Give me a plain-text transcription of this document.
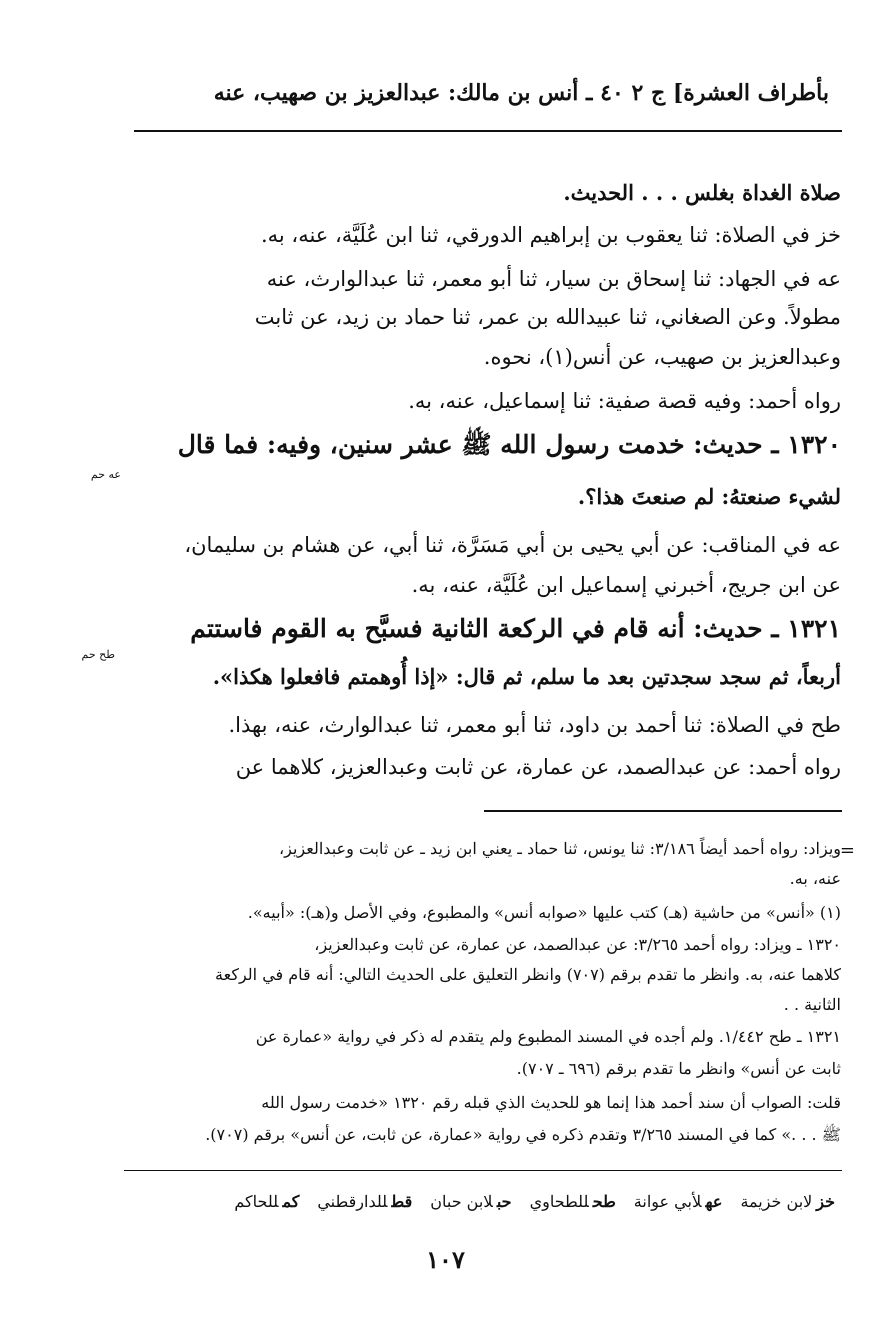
بأطراف العشرة] ج ٢ ٤٠ ـ أنس بن مالك: عبدالعزيز بن صهيب، عنه
صلاة الغداة بغلس . . . الحديث.
خز في الصلاة: ثنا يعقوب بن إبراهيم الدورقي، ثنا ابن عُلَيَّة، عنه، به.
عه في الجهاد: ثنا إسحاق بن سيار، ثنا أبو معمر، ثنا عبدالوارث، عنه
مطولاً. وعن الصغاني، ثنا عبيدالله بن عمر، ثنا حماد بن زيد، عن ثابت
وعبدالعزيز بن صهيب، عن أنس(١)، نحوه.
رواه أحمد: وفيه قصة صفية: ثنا إسماعيل، عنه، به.
١٣٢٠ ـ حديث: خدمت رسول الله ﷺ عشر سنين، وفيه: فما قال
عه حم
لشيء صنعتهُ: لم صنعتَ هذا؟.
عه في المناقب: عن أبي يحيى بن أبي مَسَرَّة، ثنا أبي، عن هشام بن سليمان،
عن ابن جريج، أخبرني إسماعيل ابن عُلَيَّة، عنه، به.
١٣٢١ ـ حديث: أنه قام في الركعة الثانية فسبَّح به القوم فاستتم
طح حم
أربعاً، ثم سجد سجدتين بعد ما سلم، ثم قال: «إذا أُوهمتم فافعلوا هكذا».
طح في الصلاة: ثنا أحمد بن داود، ثنا أبو معمر، ثنا عبدالوارث، عنه، بهذا.
رواه أحمد: عن عبدالصمد، عن عمارة، عن ثابت وعبدالعزيز، كلاهما عن
=
ويزاد: رواه أحمد أيضاً ٣/١٨٦: ثنا يونس، ثنا حماد ـ يعني ابن زيد ـ عن ثابت وعبدالعزيز،
عنه، به.
(١) «أنس» من حاشية (هـ) كتب عليها «صوابه أنس» والمطبوع، وفي الأصل و(هـ): «أبيه».
١٣٢٠ ـ ويزاد: رواه أحمد ٣/٢٦٥: عن عبدالصمد، عن عمارة، عن ثابت وعبدالعزيز،
كلاهما عنه، به. وانظر ما تقدم برقم (٧٠٧) وانظر التعليق على الحديث التالي: أنه قام في الركعة
الثانية . .
١٣٢١ ـ طح ١/٤٤٢. ولم أجده في المسند المطبوع ولم يتقدم له ذكر في رواية «عمارة عن
ثابت عن أنس» وانظر ما تقدم برقم (٦٩٦ ـ ٧٠٧).
قلت: الصواب أن سند أحمد هذا إنما هو للحديث الذي قبله رقم ١٣٢٠ «خدمت رسول الله
ﷺ . . .» كما في المسند ٣/٢٦٥ وتقدم ذكره في رواية «عمارة، عن ثابت، عن أنس» برقم (٧٠٧).
خزلابن خزيمة
عهلأبي عوانة
طحللطحاوي
حبلابن حبان
قطللدارقطني
كمللحاكم
١٠٧
